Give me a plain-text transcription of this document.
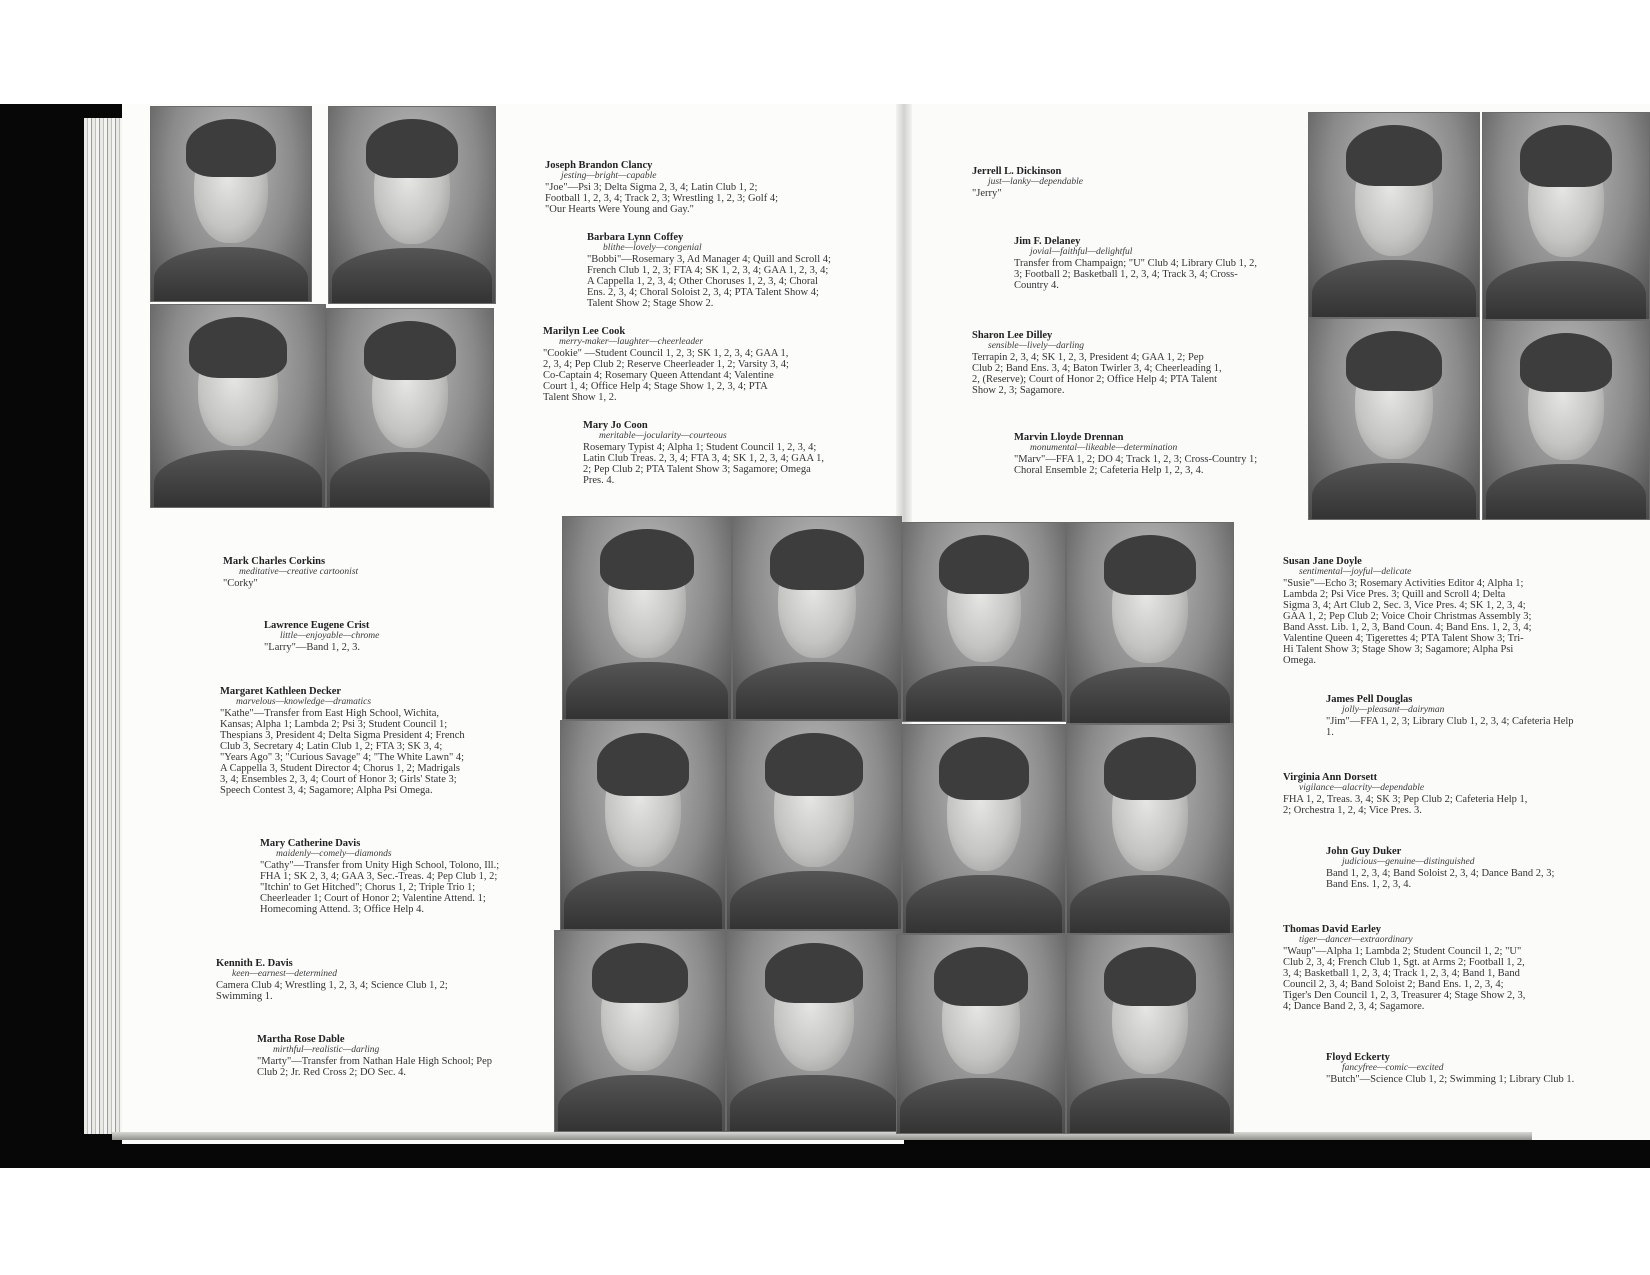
Joseph Brandon Clancy
jesting—bright—capable
"Joe"—Psi 3; Delta Sigma 2, 3, 4; Latin Club 1, 2; Football 1, 2, 3, 4; Track 2, 3; Wrestling 1, 2, 3; Golf 4; "Our Hearts Were Young and Gay."
Barbara Lynn Coffey
blithe—lovely—congenial
"Bobbi"—Rosemary 3, Ad Manager 4; Quill and Scroll 4; French Club 1, 2, 3; FTA 4; SK 1, 2, 3, 4; GAA 1, 2, 3, 4; A Cappella 1, 2, 3, 4; Other Choruses 1, 2, 3, 4; Choral Ens. 2, 3, 4; Choral Soloist 2, 3, 4; PTA Talent Show 4; Talent Show 2; Stage Show 2.
Marilyn Lee Cook
merry-maker—laughter—cheerleader
"Cookie" —Student Council 1, 2, 3; SK 1, 2, 3, 4; GAA 1, 2, 3, 4; Pep Club 2; Reserve Cheerleader 1, 2; Varsity 3, 4; Co-Captain 4; Rosemary Queen Attendant 4; Valentine Court 1, 4; Office Help 4; Stage Show 1, 2, 3, 4; PTA Talent Show 1, 2.
Mary Jo Coon
meritable—jocularity—courteous
Rosemary Typist 4; Alpha 1; Student Council 1, 2, 3, 4; Latin Club Treas. 2, 3, 4; FTA 3, 4; SK 1, 2, 3, 4; GAA 1, 2; Pep Club 2; PTA Talent Show 3; Sagamore; Omega Pres. 4.
Jerrell L. Dickinson
just—lanky—dependable
"Jerry"
Jim F. Delaney
jovial—faithful—delightful
Transfer from Champaign; "U" Club 4; Library Club 1, 2, 3; Football 2; Basketball 1, 2, 3, 4; Track 3, 4; Cross-Country 4.
Sharon Lee Dilley
sensible—lively—darling
Terrapin 2, 3, 4; SK 1, 2, 3, President 4; GAA 1, 2; Pep Club 2; Band Ens. 3, 4; Baton Twirler 3, 4; Cheerleading 1, 2, (Reserve); Court of Honor 2; Office Help 4; PTA Talent Show 2, 3; Sagamore.
Marvin Lloyde Drennan
monumental—likeable—determination
"Marv"—FFA 1, 2; DO 4; Track 1, 2, 3; Cross-Country 1; Choral Ensemble 2; Cafeteria Help 1, 2, 3, 4.
Mark Charles Corkins
meditative—creative cartoonist
"Corky"
Lawrence Eugene Crist
little—enjoyable—chrome
"Larry"—Band 1, 2, 3.
Margaret Kathleen Decker
marvelous—knowledge—dramatics
"Kathe"—Transfer from East High School, Wichita, Kansas; Alpha 1; Lambda 2; Psi 3; Student Council 1; Thespians 3, President 4; Delta Sigma President 4; French Club 3, Secretary 4; Latin Club 1, 2; FTA 3; SK 3, 4; "Years Ago" 3; "Curious Savage" 4; "The White Lawn" 4; A Cappella 3, Student Director 4; Chorus 1, 2; Madrigals 3, 4; Ensembles 2, 3, 4; Court of Honor 3; Girls' State 3; Speech Contest 3, 4; Sagamore; Alpha Psi Omega.
Mary Catherine Davis
maidenly—comely—diamonds
"Cathy"—Transfer from Unity High School, Tolono, Ill.; FHA 1; SK 2, 3, 4; GAA 3, Sec.-Treas. 4; Pep Club 1, 2; "Itchin' to Get Hitched"; Chorus 1, 2; Triple Trio 1; Cheerleader 1; Court of Honor 2; Valentine Attend. 1; Homecoming Attend. 3; Office Help 4.
Kennith E. Davis
keen—earnest—determined
Camera Club 4; Wrestling 1, 2, 3, 4; Science Club 1, 2; Swimming 1.
Martha Rose Dable
mirthful—realistic—darling
"Marty"—Transfer from Nathan Hale High School; Pep Club 2; Jr. Red Cross 2; DO Sec. 4.
Susan Jane Doyle
sentimental—joyful—delicate
"Susie"—Echo 3; Rosemary Activities Editor 4; Alpha 1; Lambda 2; Psi Vice Pres. 3; Quill and Scroll 4; Delta Sigma 3, 4; Art Club 2, Sec. 3, Vice Pres. 4; SK 1, 2, 3, 4; GAA 1, 2; Pep Club 2; Voice Choir Christmas Assembly 3; Band Asst. Lib. 1, 2, 3, Band Coun. 4; Band Ens. 1, 2, 3, 4; Valentine Queen 4; Tigerettes 4; PTA Talent Show 3; Tri-Hi Talent Show 3; Stage Show 3; Sagamore; Alpha Psi Omega.
James Pell Douglas
jolly—pleasant—dairyman
"Jim"—FFA 1, 2, 3; Library Club 1, 2, 3, 4; Cafeteria Help 1.
Virginia Ann Dorsett
vigilance—alacrity—dependable
FHA 1, 2, Treas. 3, 4; SK 3; Pep Club 2; Cafeteria Help 1, 2; Orchestra 1, 2, 4; Vice Pres. 3.
John Guy Duker
judicious—genuine—distinguished
Band 1, 2, 3, 4; Band Soloist 2, 3, 4; Dance Band 2, 3; Band Ens. 1, 2, 3, 4.
Thomas David Earley
tiger—dancer—extraordinary
"Waup"—Alpha 1; Lambda 2; Student Council 1, 2; "U" Club 2, 3, 4; French Club 1, Sgt. at Arms 2; Football 1, 2, 3, 4; Basketball 1, 2, 3, 4; Track 1, 2, 3, 4; Band 1, Band Council 2, 3, 4; Band Soloist 2; Band Ens. 1, 2, 3, 4; Tiger's Den Council 1, 2, 3, Treasurer 4; Stage Show 2, 3, 4; Dance Band 2, 3, 4; Sagamore.
Floyd Eckerty
fancyfree—comic—excited
"Butch"—Science Club 1, 2; Swimming 1; Library Club 1.
